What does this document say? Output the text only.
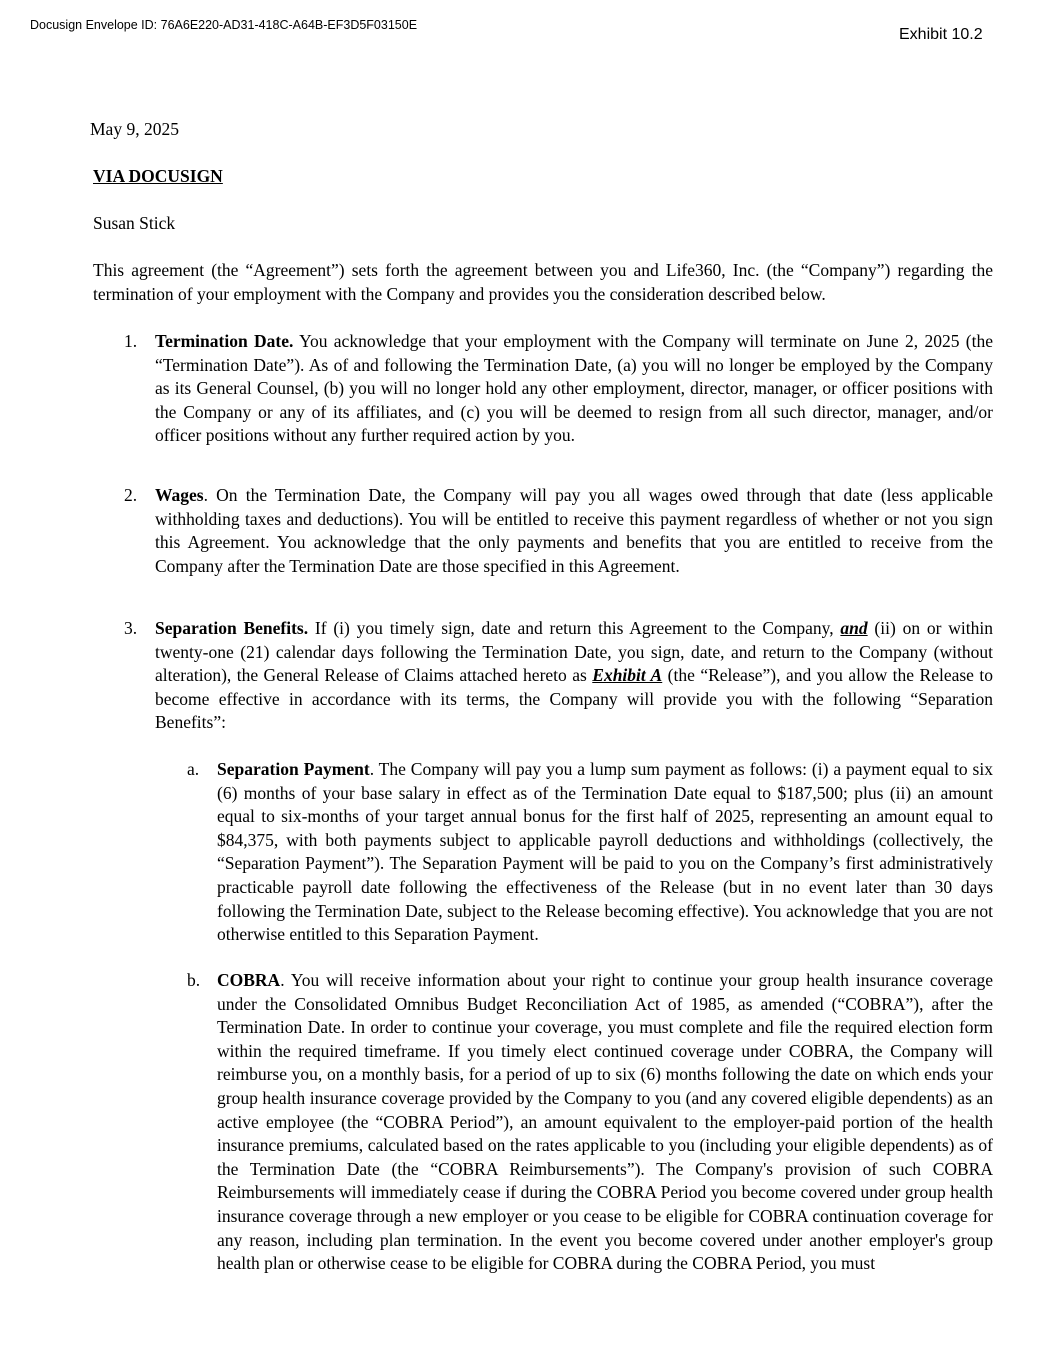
Docusign Envelope ID: 76A6E220-AD31-418C-A64B-EF3D5F03150E
Exhibit 10.2
May 9, 2025
VIA DOCUSIGN
Susan Stick
This agreement (the “Agreement”) sets forth the agreement between you and Life360, Inc. (the “Company”) regarding the termination of your employment with the Company and provides you the consideration described below.
1. Termination Date. You acknowledge that your employment with the Company will terminate on June 2, 2025 (the “Termination Date”). As of and following the Termination Date, (a) you will no longer be employed by the Company as its General Counsel, (b) you will no longer hold any other employment, director, manager, or officer positions with the Company or any of its affiliates, and (c) you will be deemed to resign from all such director, manager, and/or officer positions without any further required action by you.
2. Wages. On the Termination Date, the Company will pay you all wages owed through that date (less applicable withholding taxes and deductions). You will be entitled to receive this payment regardless of whether or not you sign this Agreement. You acknowledge that the only payments and benefits that you are entitled to receive from the Company after the Termination Date are those specified in this Agreement.
3. Separation Benefits. If (i) you timely sign, date and return this Agreement to the Company, and (ii) on or within twenty-one (21) calendar days following the Termination Date, you sign, date, and return to the Company (without alteration), the General Release of Claims attached hereto as Exhibit A (the “Release”), and you allow the Release to become effective in accordance with its terms, the Company will provide you with the following “Separation Benefits”:
a. Separation Payment. The Company will pay you a lump sum payment as follows: (i) a payment equal to six (6) months of your base salary in effect as of the Termination Date equal to $187,500; plus (ii) an amount equal to six-months of your target annual bonus for the first half of 2025, representing an amount equal to $84,375, with both payments subject to applicable payroll deductions and withholdings (collectively, the “Separation Payment”). The Separation Payment will be paid to you on the Company’s first administratively practicable payroll date following the effectiveness of the Release (but in no event later than 30 days following the Termination Date, subject to the Release becoming effective). You acknowledge that you are not otherwise entitled to this Separation Payment.
b. COBRA. You will receive information about your right to continue your group health insurance coverage under the Consolidated Omnibus Budget Reconciliation Act of 1985, as amended (“COBRA”), after the Termination Date. In order to continue your coverage, you must complete and file the required election form within the required timeframe. If you timely elect continued coverage under COBRA, the Company will reimburse you, on a monthly basis, for a period of up to six (6) months following the date on which ends your group health insurance coverage provided by the Company to you (and any covered eligible dependents) as an active employee (the “COBRA Period”), an amount equivalent to the employer-paid portion of the health insurance premiums, calculated based on the rates applicable to you (including your eligible dependents) as of the Termination Date (the “COBRA Reimbursements”). The Company's provision of such COBRA Reimbursements will immediately cease if during the COBRA Period you become covered under group health insurance coverage through a new employer or you cease to be eligible for COBRA continuation coverage for any reason, including plan termination. In the event you become covered under another employer's group health plan or otherwise cease to be eligible for COBRA during the COBRA Period, you must
